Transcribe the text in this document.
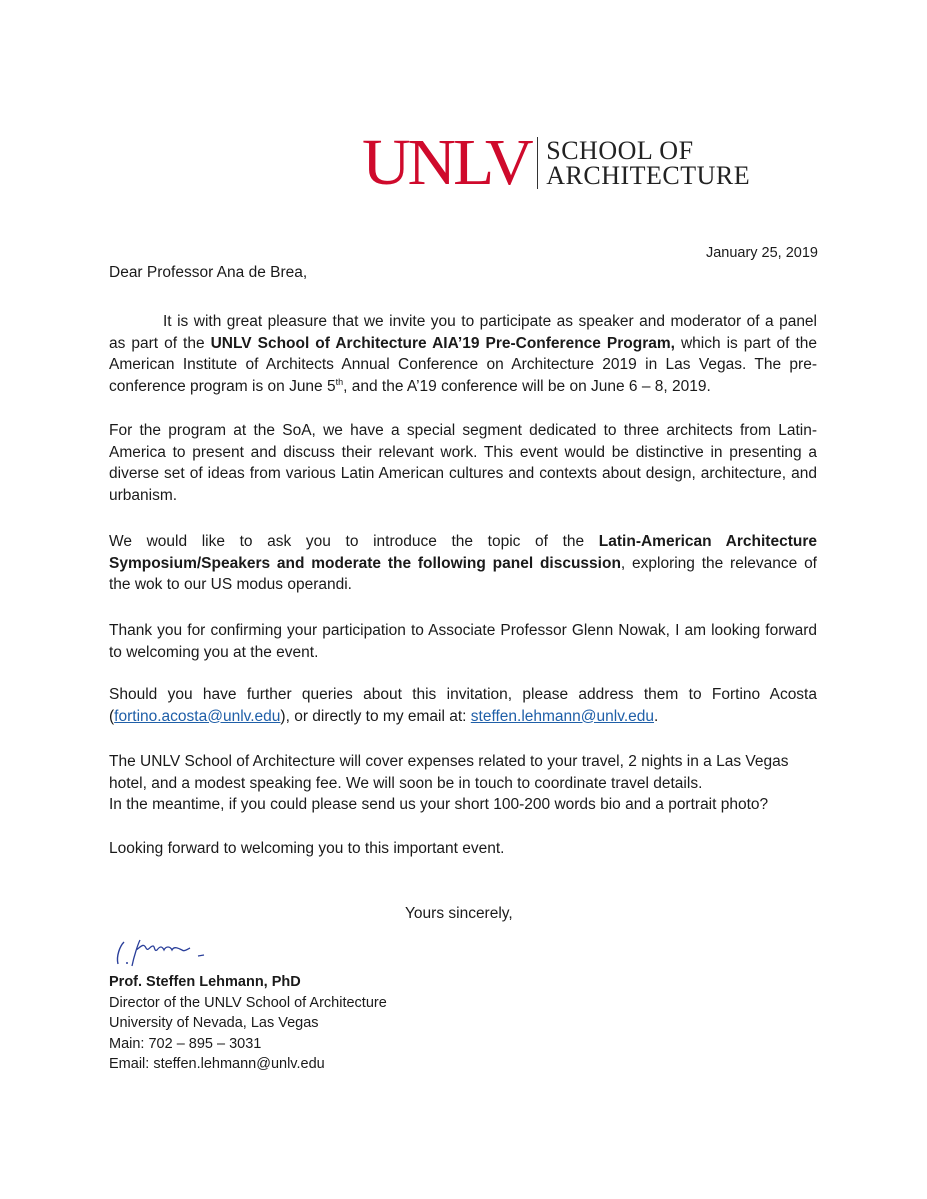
UNLV SCHOOL OF
ARCHITECTURE
January 25, 2019
Dear Professor Ana de Brea,

It is with great pleasure that we invite you to participate as speaker and moderator of a panel as part of the UNLV School of Architecture AIA’19 Pre-Conference Program, which is part of the American Institute of Architects Annual Conference on Architecture 2019 in Las Vegas. The pre-conference program is on June 5th, and the A’19 conference will be on June 6 – 8, 2019.

For the program at the SoA, we have a special segment dedicated to three architects from Latin-America to present and discuss their relevant work. This event would be distinctive in presenting a diverse set of ideas from various Latin American cultures and contexts about design, architecture, and urbanism.

We would like to ask you to introduce the topic of the Latin-American Architecture Symposium/Speakers and moderate the following panel discussion, exploring the relevance of the wok to our US modus operandi.

Thank you for confirming your participation to Associate Professor Glenn Nowak, I am looking forward to welcoming you at the event.

Should you have further queries about this invitation, please address them to Fortino Acosta (fortino.acosta@unlv.edu), or directly to my email at: steffen.lehmann@unlv.edu.

The UNLV School of Architecture will cover expenses related to your travel, 2 nights in a Las Vegas hotel, and a modest speaking fee. We will soon be in touch to coordinate travel details.
In the meantime, if you could please send us your short 100-200 words bio and a portrait photo?

Looking forward to welcoming you to this important event.

Yours sincerely,
Prof. Steffen Lehmann, PhD
Director of the UNLV School of Architecture
University of Nevada, Las Vegas
Main: 702 – 895 – 3031
Email: steffen.lehmann@unlv.edu
